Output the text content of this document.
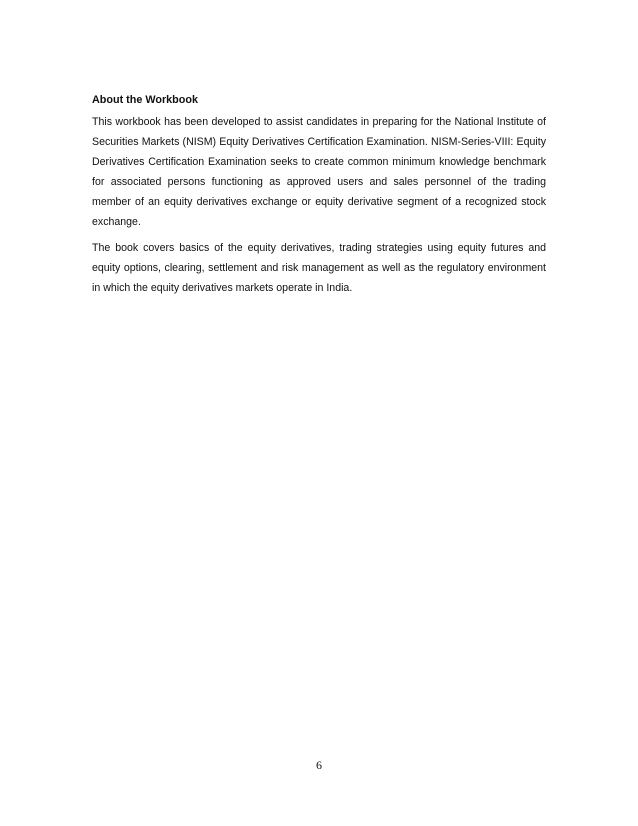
About the Workbook

This workbook has been developed to assist candidates in preparing for the National Institute of Securities Markets (NISM) Equity Derivatives Certification Examination. NISM-Series-VIII: Equity Derivatives Certification Examination seeks to create common minimum knowledge benchmark for associated persons functioning as approved users and sales personnel of the trading member of an equity derivatives exchange or equity derivative segment of a recognized stock exchange.

The book covers basics of the equity derivatives, trading strategies using equity futures and equity options, clearing, settlement and risk management as well as the regulatory environment in which the equity derivatives markets operate in India.

6
